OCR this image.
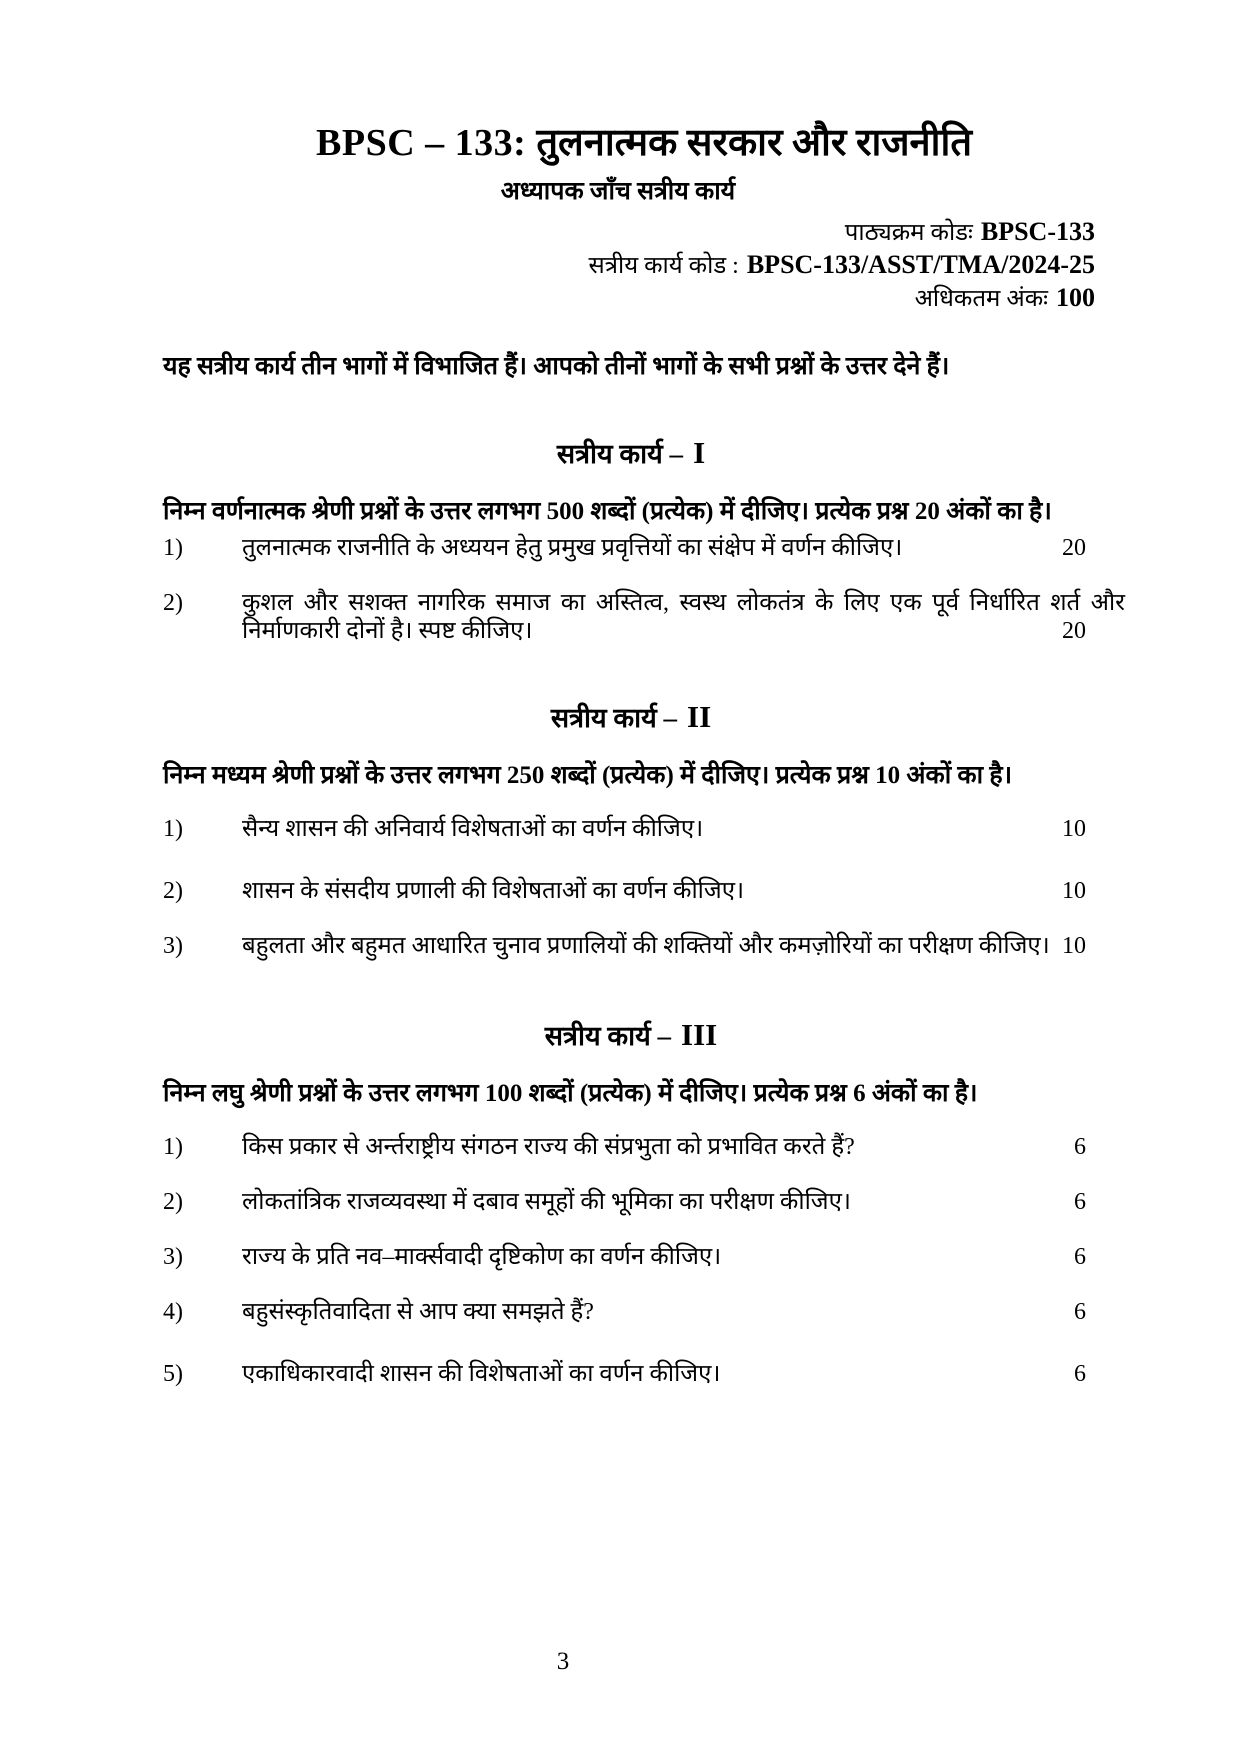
BPSC – 133: तुलनात्मक सरकार और राजनीति
अध्यापक जाँच सत्रीय कार्य
पाठ्यक्रम कोडः BPSC-133
सत्रीय कार्य कोड : BPSC-133/ASST/TMA/2024-25
अधिकतम अंकः 100
यह सत्रीय कार्य तीन भागों में विभाजित हैं। आपको तीनों भागों के सभी प्रश्नों के उत्तर देने हैं।
सत्रीय कार्य – I

निम्न वर्णनात्मक श्रेणी प्रश्नों के उत्तर लगभग 500 शब्दों (प्रत्येक) में दीजिए। प्रत्येक प्रश्न 20 अंकों का है।

1)	तुलनात्मक राजनीति के अध्ययन हेतु प्रमुख प्रवृत्तियों का संक्षेप में वर्णन कीजिए।	20
2)	कुशल और सशक्त नागरिक समाज का अस्तित्व, स्वस्थ लोकतंत्र के लिए एक पूर्व निर्धारित शर्त और निर्माणकारी दोनों है। स्पष्ट कीजिए।	20
सत्रीय कार्य – II

निम्न मध्यम श्रेणी प्रश्नों के उत्तर लगभग 250 शब्दों (प्रत्येक) में दीजिए। प्रत्येक प्रश्न 10 अंकों का है।

1)	सैन्य शासन की अनिवार्य विशेषताओं का वर्णन कीजिए।	10
2)	शासन के संसदीय प्रणाली की विशेषताओं का वर्णन कीजिए।	10
3)	बहुलता और बहुमत आधारित चुनाव प्रणालियों की शक्तियों और कमज़ोरियों का परीक्षण कीजिए। 10
सत्रीय कार्य – III

निम्न लघु श्रेणी प्रश्नों के उत्तर लगभग 100 शब्दों (प्रत्येक) में दीजिए। प्रत्येक प्रश्न 6 अंकों का है।

1)	किस प्रकार से अर्न्तराष्ट्रीय संगठन राज्य की संप्रभुता को प्रभावित करते हैं?	6
2)	लोकतांत्रिक राजव्यवस्था में दबाव समूहों की भूमिका का परीक्षण कीजिए।	6
3)	राज्य के प्रति नव–मार्क्सवादी दृष्टिकोण का वर्णन कीजिए।	6
4)	बहुसंस्कृतिवादिता से आप क्या समझते हैं?	6
5)	एकाधिकारवादी शासन की विशेषताओं का वर्णन कीजिए।	6
3
